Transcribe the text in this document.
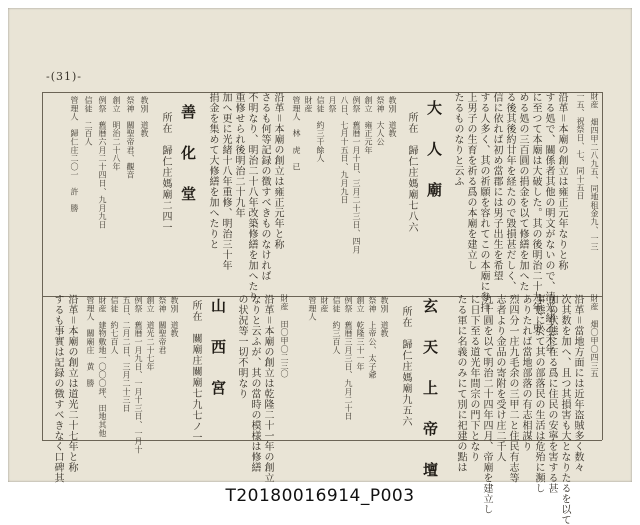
-(31)-
財産 畑四甲二八九五、同地租金九、一三
一五、祝祭日、七、同十五日
沿革＝本廟の創立は雍正元年なりと称
する処で、關係者其他の明文がないので、清光緒乙未年
に至つて本廟は大破した。其の後明治二十九年、更
める処の三百圓の捐金を以て修繕を加へた
る後其後約廿年を経たので毀損甚だしく、
信に依れば初め當郡には男子出生を希望
する人多く、其の祈願を容れてこの本廟に参拝
上男子の生育を祈る爲の本廟を建立し
たるものなりと云ふ
大 人 廟
所在　歸仁庄媽廟七八六
教別　道教
祭神　大人公
創立　雍正元年
例祭　舊暦一月十日、三月二十三日、四月
八日、七月十五日、九月九日
月祭
信徒　約三千餘人
財産　
管理人　林　虎　已
沿革＝本廟の創立は雍正元年と称
さるも何等記録の徴すべきものなければ
不明なり、明治二十八年改築修繕を加へたり
重修せられ後明治二十九年
加へ更に光緒十八年重修、明治三十年
捐金を集めて大修繕を加へたりと
善 化 堂
所在　歸仁庄媽廟二四一
教別　道教
祭神　關聖帝君、觀音
創立　明治二十八年
例祭　舊暦六月二十四日、九月九日
信徒　二百人
管理人　歸仁庄二〇一　許　勝
財産 畑〇甲〇四三五
沿革＝當地方面には近年盗賊多く数々
次其数を加へ、且つ其損害も大となりたるを以て
加の状態に在る爲に住民の安寧を害する甚
事態に於て其の部落民の生活は危殆に瀕し
ありたれば當地部落の有志相謀り
烈四分一庄九毛余の三甲二と住民有志等
志者より金品の寄附を受け庄二千人
九十圓を以て明治二十四年四月、帝廟を建立し
に日下至る道光年間宗の門下となり
たる軍に名義のみにて別に祀建の點は
玄 天 上 帝 壇
所在　歸仁庄媽廟九五六
教別　道教
祭神　上帝公、太子爺
創立　乾隆三十一年
例祭　舊暦三月三日、九月二十日
信徒　約三百人
財産　
管理人　
財産 田〇甲〇二三〇
沿革＝本廟の創立は乾隆二十一年の創立
なりと云ふが、其の當時の模様は修繕
の状況等一切不明なり
山 西 宮
所在　關廟庄關廟七九七ノ一
教別　道教
祭神　關聖帝君
創立　道光二十七年
例祭　舊暦一月九日、一月十三日、一月十
五日、二月二日、三月二十三日
信徒　約七百人
財産　建物敷地一〇〇〇坪、田地其他
管理人　關廟庄　黄　勝
沿革＝本廟の創立は道光二十七年と称
するも事實は記録の徴すべきなく口碑其
T20180016914_P003
